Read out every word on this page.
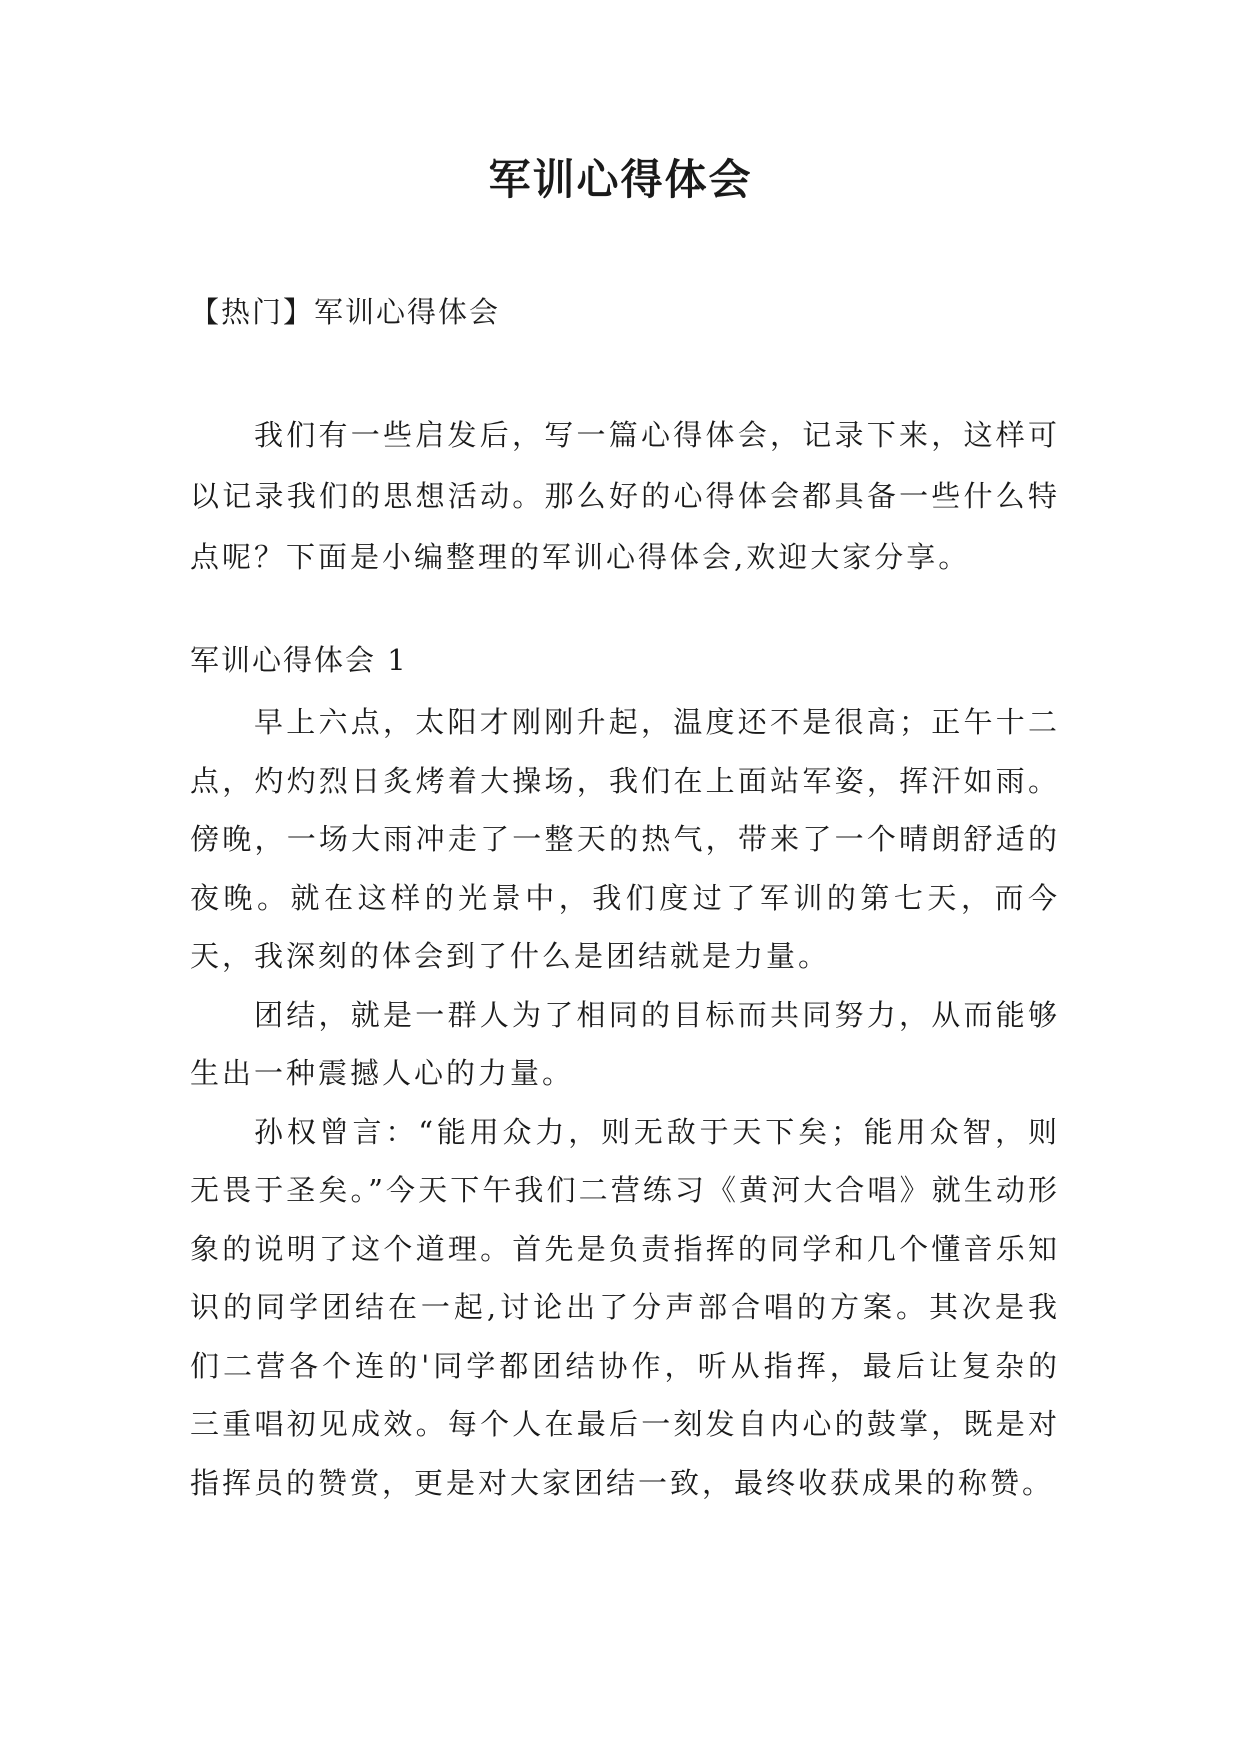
军训心得体会

【热门】军训心得体会

我们有一些启发后，写一篇心得体会，记录下来，这样可以记录我们的思想活动。那么好的心得体会都具备一些什么特点呢？下面是小编整理的军训心得体会,欢迎大家分享。

军训心得体会 1

早上六点，太阳才刚刚升起，温度还不是很高；正午十二点，灼灼烈日炙烤着大操场，我们在上面站军姿，挥汗如雨。傍晚，一场大雨冲走了一整天的热气，带来了一个晴朗舒适的夜晚。就在这样的光景中，我们度过了军训的第七天，而今天，我深刻的体会到了什么是团结就是力量。

团结，就是一群人为了相同的目标而共同努力，从而能够生出一种震撼人心的力量。

孙权曾言：“能用众力，则无敌于天下矣；能用众智，则无畏于圣矣。”今天下午我们二营练习《黄河大合唱》就生动形象的说明了这个道理。首先是负责指挥的同学和几个懂音乐知识的同学团结在一起,讨论出了分声部合唱的方案。其次是我们二营各个连的'同学都团结协作，听从指挥，最后让复杂的三重唱初见成效。每个人在最后一刻发自内心的鼓掌，既是对指挥员的赞赏，更是对大家团结一致，最终收获成果的称赞。
